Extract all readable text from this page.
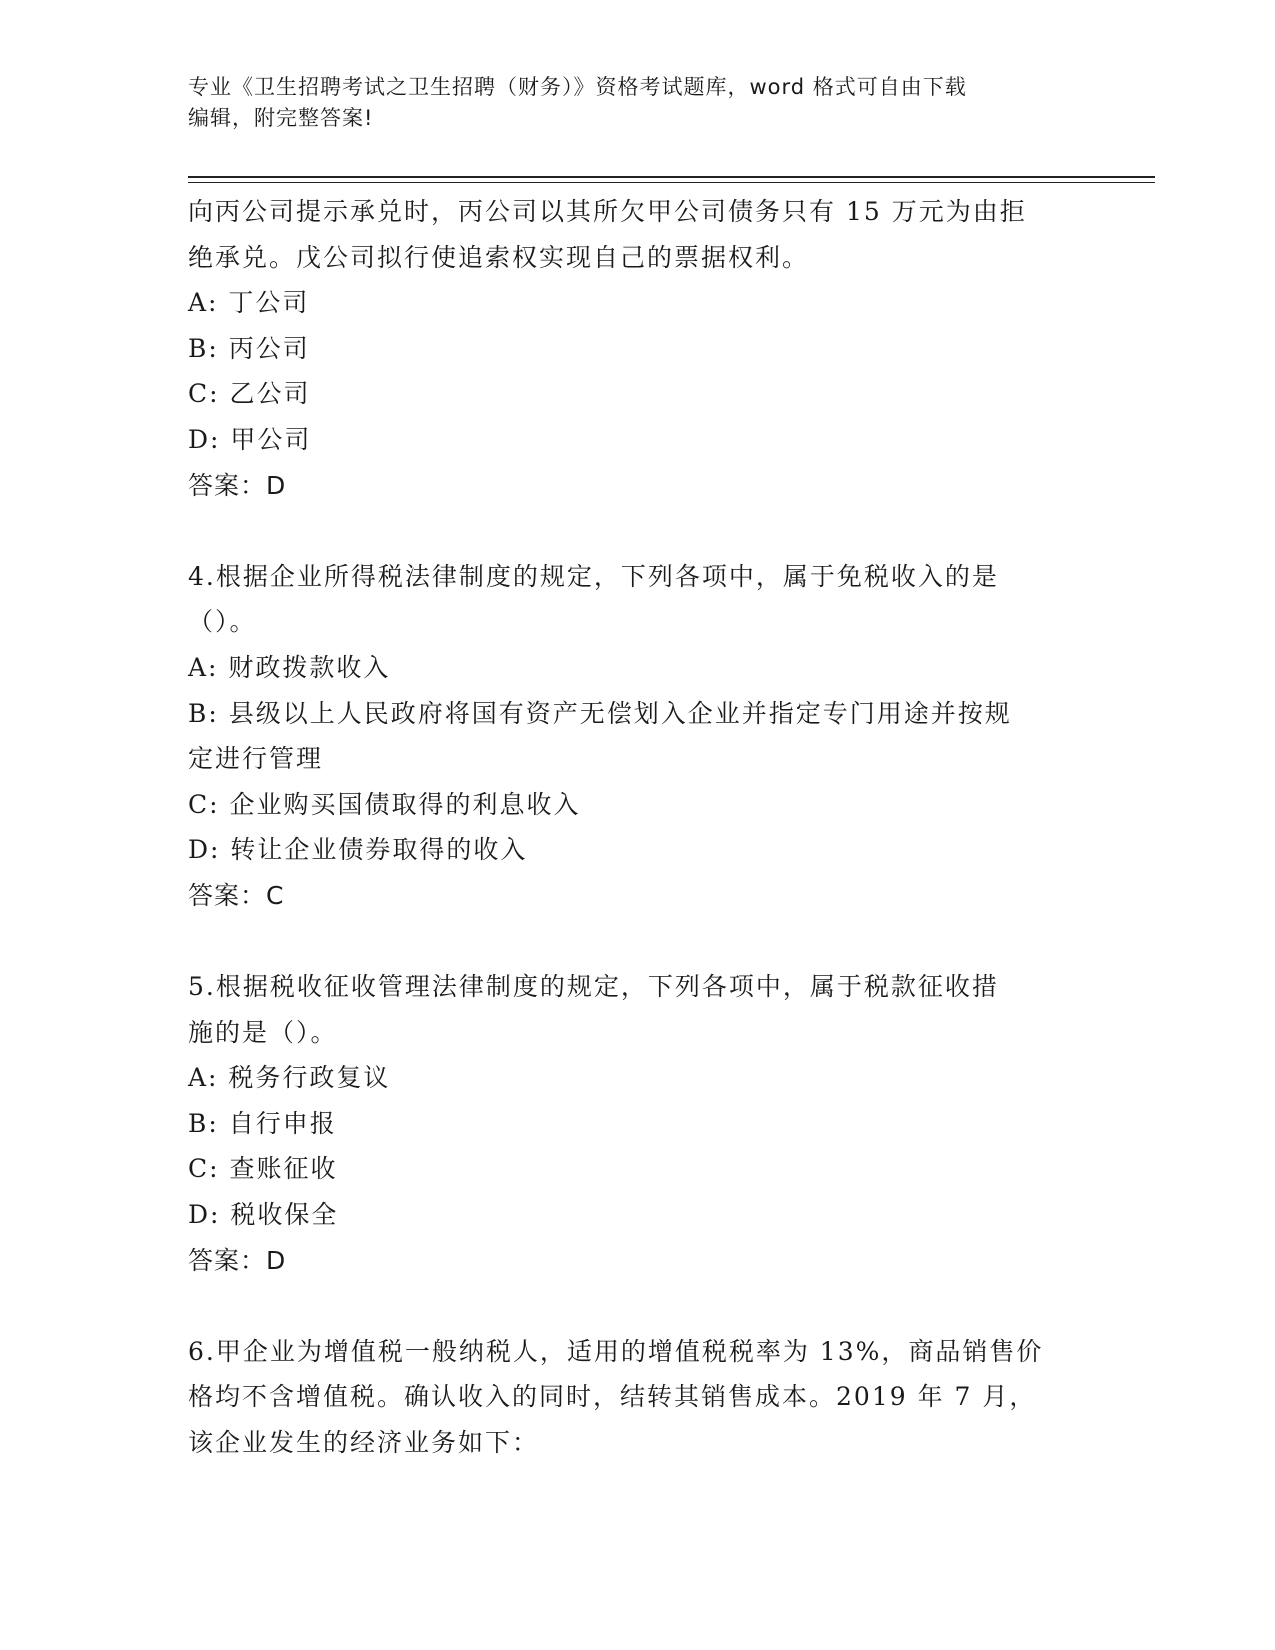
专业《卫生招聘考试之卫生招聘（财务）》资格考试题库，word 格式可自由下载
编辑，附完整答案!
向丙公司提示承兑时，丙公司以其所欠甲公司债务只有 15 万元为由拒
绝承兑。戊公司拟行使追索权实现自己的票据权利。
A: 丁公司
B: 丙公司
C: 乙公司
D: 甲公司
答案：D
4.根据企业所得税法律制度的规定，下列各项中，属于免税收入的是
（）。
A: 财政拨款收入
B: 县级以上人民政府将国有资产无偿划入企业并指定专门用途并按规
定进行管理
C: 企业购买国债取得的利息收入
D: 转让企业债券取得的收入
答案：C
5.根据税收征收管理法律制度的规定，下列各项中，属于税款征收措
施的是（）。
A: 税务行政复议
B: 自行申报
C: 查账征收
D: 税收保全
答案：D
6.甲企业为增值税一般纳税人，适用的增值税税率为 13%，商品销售价
格均不含增值税。确认收入的同时，结转其销售成本。2019 年 7 月，
该企业发生的经济业务如下：
